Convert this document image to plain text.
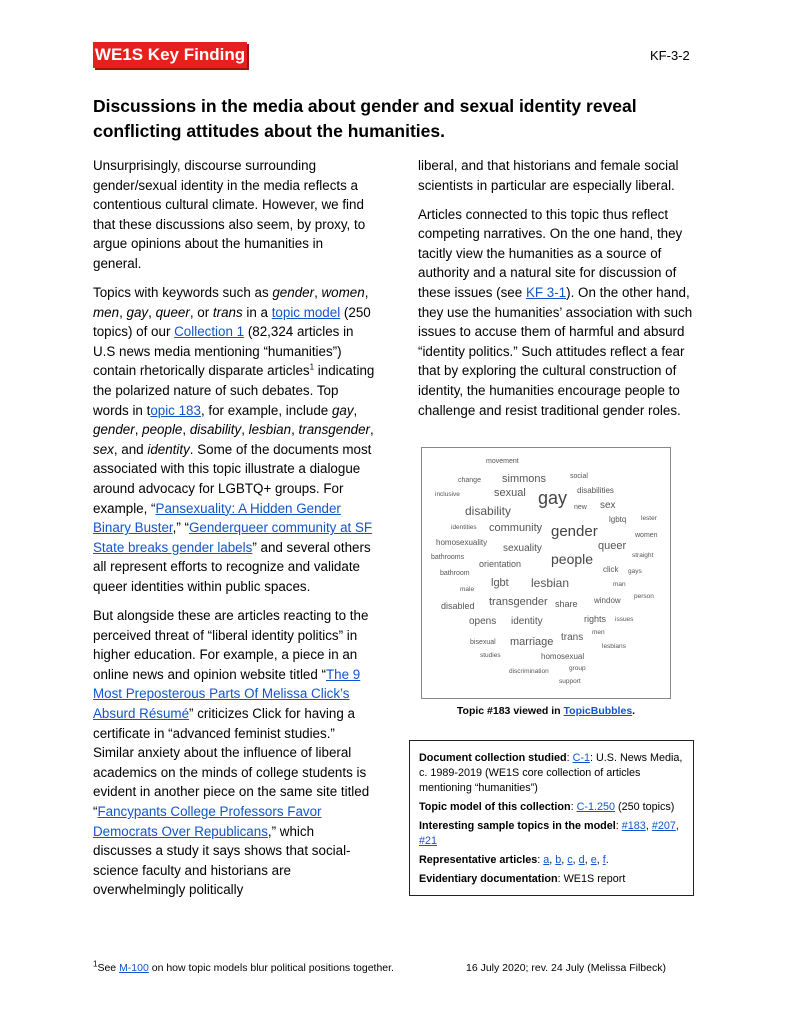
WE1S Key Finding	KF-3-2
Discussions in the media about gender and sexual identity reveal conflicting attitudes about the humanities.

Unsurprisingly, discourse surrounding gender/sexual identity in the media reflects a contentious cultural climate. However, we find that these discussions also seem, by proxy, to argue opinions about the humanities in general.

Topics with keywords such as gender, women, men, gay, queer, or trans in a topic model (250 topics) of our Collection 1 (82,324 articles in U.S news media mentioning “humanities”) contain rhetorically disparate articles$^1$ indicating the polarized nature of such debates. Top words in topic 183, for example, include gay, gender, people, disability, lesbian, transgender, sex, and identity. Some of the documents most associated with this topic illustrate a dialogue around advocacy for LGBTQ+ groups. For example, “Pansexuality: A Hidden Gender Binary Buster,” “Genderqueer community at SF State breaks gender labels” and several others all represent efforts to recognize and validate queer identities within public spaces.

But alongside these are articles reacting to the perceived threat of “liberal identity politics” in higher education. For example, a piece in an online news and opinion website titled “The 9 Most Preposterous Parts Of Melissa Click’s Absurd Résumé” criticizes Click for having a certificate in “advanced feminist studies.” Similar anxiety about the influence of liberal academics on the minds of college students is evident in another piece on the same site titled “Fancypants College Professors Favor Democrats Over Republicans,” which discusses a study it says shows that social-science faculty and historians are overwhelmingly politically

liberal, and that historians and female social scientists in particular are especially liberal.

Articles connected to this topic thus reflect competing narratives. On the one hand, they tacitly view the humanities as a source of authority and a natural site for discussion of these issues (see KF 3-1). On the other hand, they use the humanities’ association with such issues to accuse them of harmful and absurd “identity politics.” Such attitudes reflect a fear that by exploring the cultural construction of identity, the humanities encourage people to challenge and resist traditional gender roles.

movement
change simmons	social
inclusive	sexual gay disabilities
new sex
disability
identities community gender
lgbtq lester
women
homosexuality	queer
sexuality
bathrooms	people	straight
orientation
click gays
bathroom
lgbt lesbian	man
male
person
transgender share window
disabled
rights issues
opens identity
men
trans
bisexual marriage	lesbians
studies	homosexual
group
discrimination
support
Topic #183 viewed in TopicBubbles.
Document collection studied: C-1: U.S. News Media, c. 1989-2019 (WE1S core collection of articles mentioning “humanities”)
Topic model of this collection: C-1.250 (250 topics)
Interesting sample topics in the model: #183, #207, #21
Representative articles: a, b, c, d, e, f.
Evidentiary documentation: WE1S report
$^1$See M-100 on how topic models blur political positions together.	16 July 2020; rev. 24 July (Melissa Filbeck)
